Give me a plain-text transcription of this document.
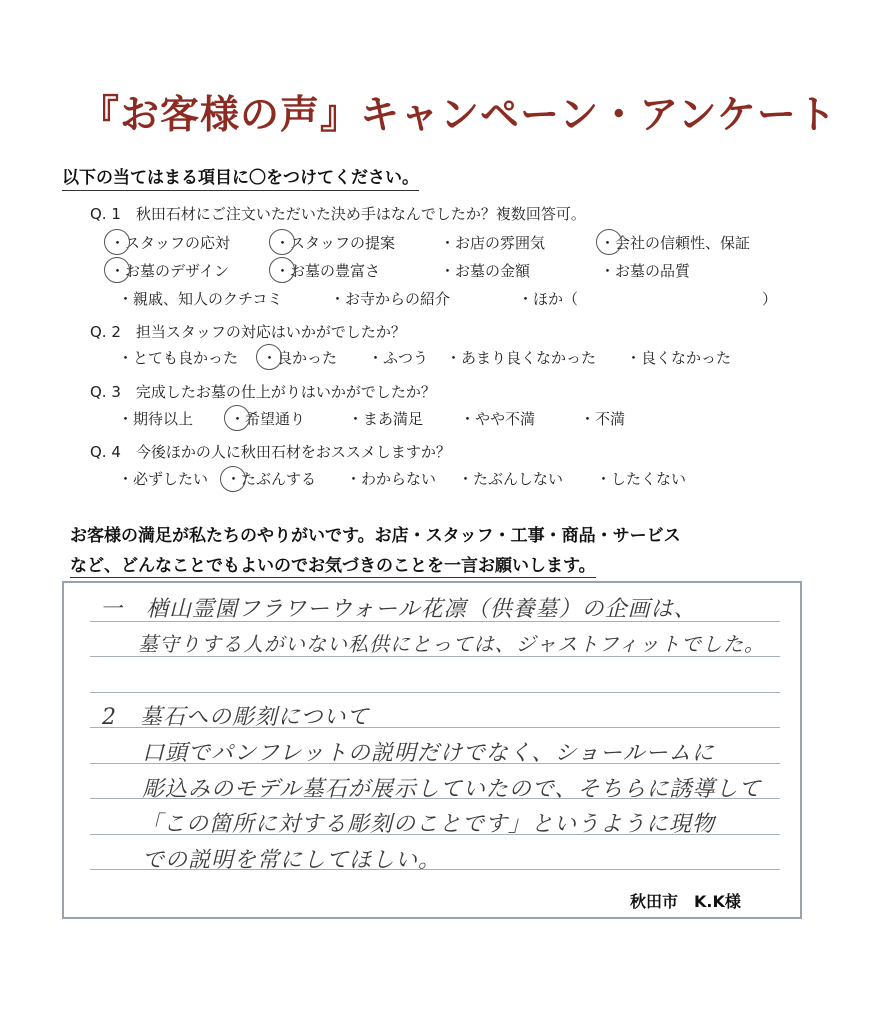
『お客様の声』キャンペーン・アンケート
以下の当てはまる項目に〇をつけてください。
Q. 1　秋田石材にご注文いただいた決め手はなんでしたか？複数回答可。
・スタッフの応対	・スタッフの提案	・お店の雰囲気	・会社の信頼性、保証
・お墓のデザイン	・お墓の豊富さ	・お墓の金額	・お墓の品質
・親戚、知人のクチコミ	・お寺からの紹介	・ほか（	）
Q. 2　担当スタッフの対応はいかがでしたか？
・とても良かった ・良かった ・ふつう ・あまり良くなかった ・良くなかった
Q. 3　完成したお墓の仕上がりはいかがでしたか？
・期待以上 ・希望通り	・まあ満足 ・やや不満	・不満
Q. 4　今後ほかの人に秋田石材をおススメしますか？
・必ずしたい ・たぶんする ・わからない ・たぶんしない ・したくない
お客様の満足が私たちのやりがいです。お店・スタッフ・工事・商品・サービス
など、どんなことでもよいのでお気づきのことを一言お願いします。
一　楢山霊園フラワーウォール花凛（供養墓）の企画は、
墓守りする人がいない私供にとっては、ジャストフィットでした。
2　墓石への彫刻について
口頭でパンフレットの説明だけでなく、ショールームに
彫込みのモデル墓石が展示していたので、そちらに誘導して
「この箇所に対する彫刻のことです」というように現物
での説明を常にしてほしい。
秋田市　K.K様
